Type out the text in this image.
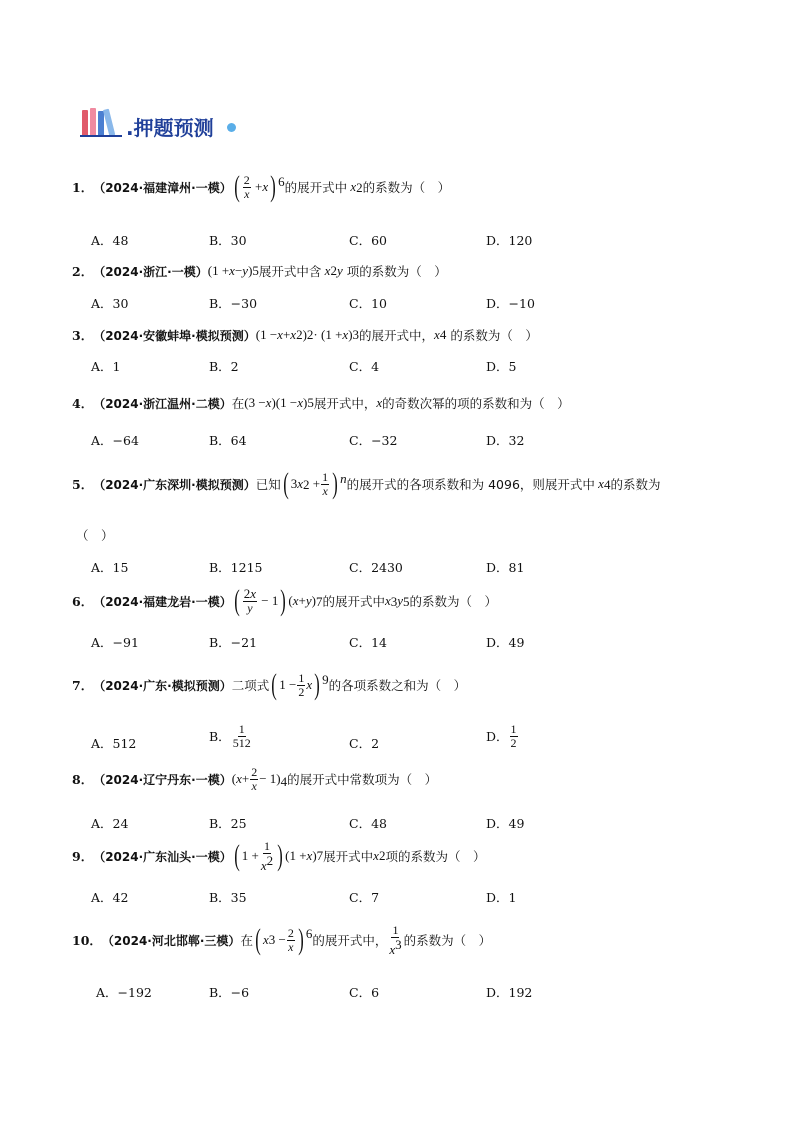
.押题预测
1． （2024·福建漳州·一模） ( $\frac{2}{x} + x$ ) 6 的展开式中 x 2 的系数为（　）
A．48	B．30	C．60	D．120
2． （2024·浙江·一模） (1 + x − y ) 5 展开式中含 x 2 y
项的系数为（　）
A．30	B．−30	C．10	D．−10
3． （2024·安徽蚌埠·模拟预测） (1 − x + x 2 ) 2 · (1 + x ) 3 的展开式中， x 4
的系数为（　）
A．1	B．2	C．4	D．5
4． （2024·浙江温州·二模） 在 (3 − x )(1 − x ) 5 展开式中， x 的奇数次幂的项的系数和为（　）
A．−64	B．64	C．−32	D．32
5． （2024·广东深圳·模拟预测） 已知 ( 3 x $2 + \frac{1}{x}$ ) n 的展开式的各项系数和为 4096，则展开式中 x 4 的系数为
（　）
A．15	B．1215	C．2430	D．81
6． （2024·福建龙岩·一模） ( $\frac{2x}{y} - 1$ ) ( x + y ) 7 的展开式中 x 3 y 5 的系数为（　）
A．−91	B．−21	C．14	D．49
7． （2024·广东·模拟预测） 二项式 ( $1 - \frac{1}{2}$ x ) 9 的各项系数之和为（　）
A．512	B． $\frac{1}{512}$	C．2	D． $\frac{1}{2}$
8． （2024·辽宁丹东·一模） ( $x + \frac{2}{x} - 1$) 4 的展开式中常数项为（　）
A．24	B．25	C．48	D．49
9． （2024·广东汕头·一模） ( $1 + \frac{1}{x^2}$ ) (1 + x ) 7 展开式中 x 2 项的系数为（　）
A．42	B．35	C．7	D．1
10． （2024·河北邯郸·三模） 在 ( x $3 - \frac{2}{x}$ ) 6 的展开式中， $\frac{1}{x^3}$ 的系数为（　）
A．−192	B．−6	C．6	D．192
